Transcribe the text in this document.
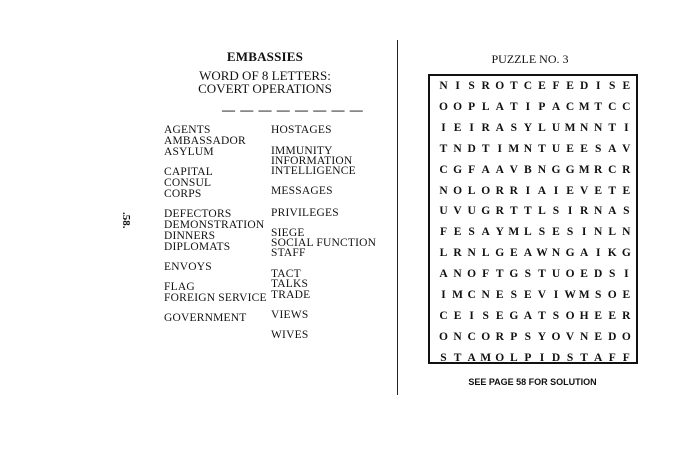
EMBASSIES
WORD OF 8 LETTERS:
COVERT OPERATIONS
— — — — — — — —
AGENTS
AMBASSADOR
ASYLUM
CAPITAL
CONSUL
CORPS
DEFECTORS
DEMONSTRATION
DINNERS
DIPLOMATS
ENVOYS
FLAG
FOREIGN SERVICE
GOVERNMENT
HOSTAGES
IMMUNITY
INFORMATION
INTELLIGENCE
MESSAGES
PRIVILEGES
SIEGE
SOCIAL FUNCTION
STAFF
TACT
TALKS
TRADE
VIEWS
WIVES
.58.
PUZZLE NO. 3
N I S R O T C E F E D I S E
O O P L A T I P A C M T C C
I E I R A S Y L U M N N T I
T N D T I M N T U E E S A V
C G F A A V B N G G M R C R
N O L O R R I A I E V E T E
U V U G R T T L S I R N A S
F E S A Y M L S E S I N L N
L R N L G E A W N G A I K G
A N O F T G S T U O E D S I
I M C N E S E V I W M S O E
C E I S E G A T S O H E E R
O N C O R P S Y O V N E D O
S T A M O L P I D S T A F F
SEE PAGE 58 FOR SOLUTION
